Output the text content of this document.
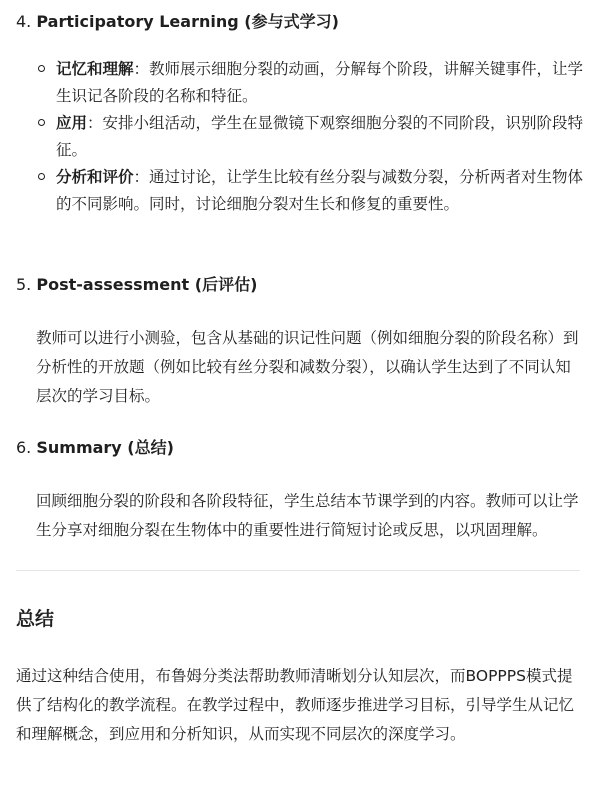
4. Participatory Learning (参与式学习)
记忆和理解：教师展示细胞分裂的动画，分解每个阶段，讲解关键事件，让学生识记各阶段的名称和特征。
应用：安排小组活动，学生在显微镜下观察细胞分裂的不同阶段，识别阶段特征。
分析和评价：通过讨论，让学生比较有丝分裂与减数分裂，分析两者对生物体的不同影响。同时，讨论细胞分裂对生长和修复的重要性。
5. Post-assessment (后评估)

教师可以进行小测验，包含从基础的识记性问题（例如细胞分裂的阶段名称）到分析性的开放题（例如比较有丝分裂和减数分裂），以确认学生达到了不同认知层次的学习目标。

6. Summary (总结)

回顾细胞分裂的阶段和各阶段特征，学生总结本节课学到的内容。教师可以让学生分享对细胞分裂在生物体中的重要性进行简短讨论或反思，以巩固理解。

总结

通过这种结合使用，布鲁姆分类法帮助教师清晰划分认知层次，而BOPPPS模式提供了结构化的教学流程。在教学过程中，教师逐步推进学习目标，引导学生从记忆和理解概念，到应用和分析知识，从而实现不同层次的深度学习。
